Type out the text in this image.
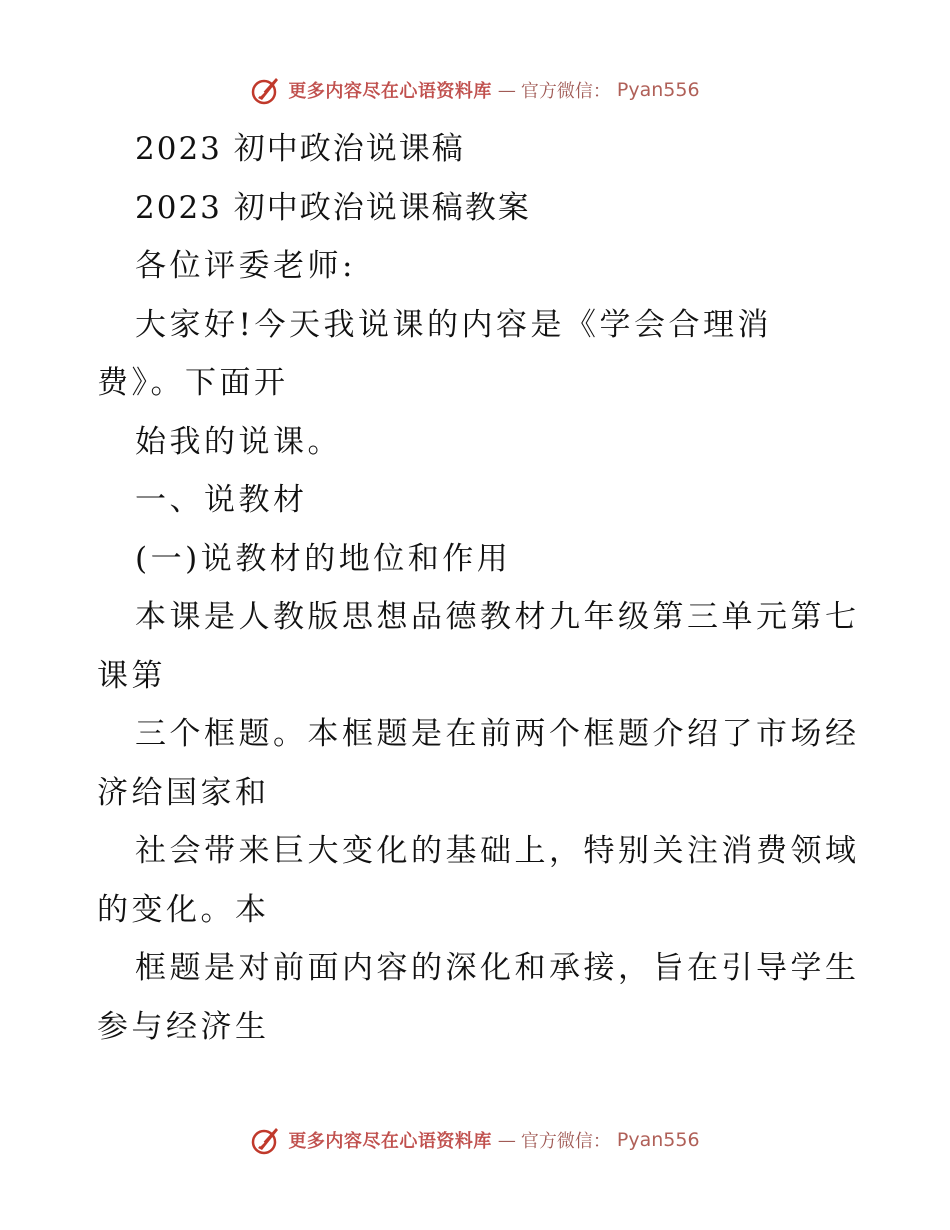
更多内容尽在心语资料库 — 官方微信： Pyan556
2023 初中政治说课稿
2023 初中政治说课稿教案
各位评委老师:
大家好!今天我说课的内容是《学会合理消
费》。下面开
始我的说课。
一、说教材
(一)说教材的地位和作用
本课是人教版思想品德教材九年级第三单元第七
课第
三个框题。本框题是在前两个框题介绍了市场经
济给国家和
社会带来巨大变化的基础上，特别关注消费领域
的变化。本
框题是对前面内容的深化和承接，旨在引导学生
参与经济生
更多内容尽在心语资料库 — 官方微信： Pyan556
